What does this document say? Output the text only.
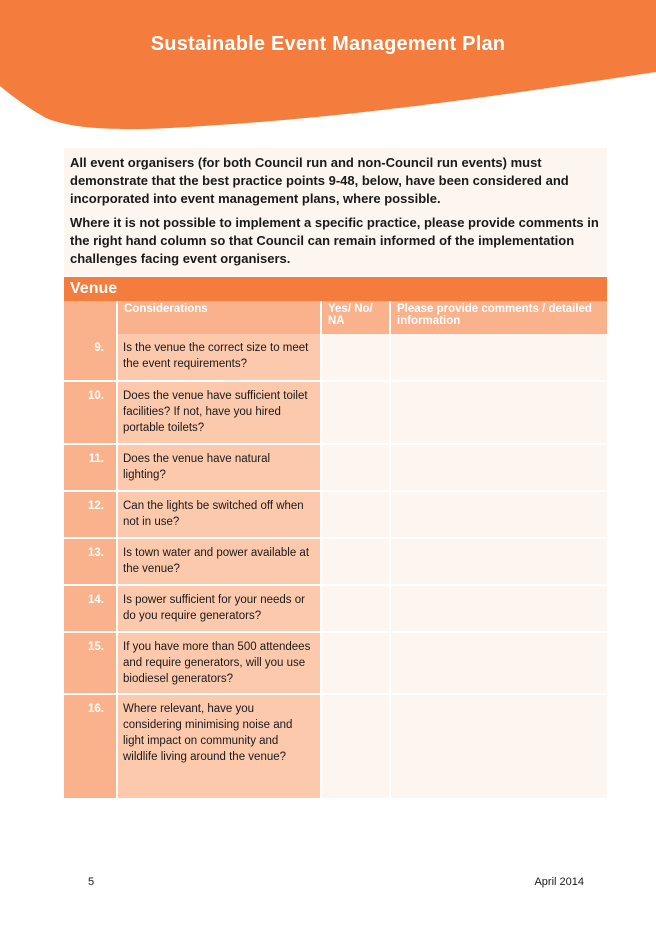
Sustainable Event Management Plan

All event organisers (for both Council run and non-Council run events) must demonstrate that the best practice points 9-48, below, have been considered and incorporated into event management plans, where possible.

Where it is not possible to implement a specific practice, please provide comments in the right hand column so that Council can remain informed of the implementation challenges facing event organisers.

Venue
	Considerations	Yes/ No/ NA	Please provide comments / detailed information
9.	Is the venue the correct size to meet the event requirements?		
10.	Does the venue have sufficient toilet facilities? If not, have you hired portable toilets?		
11.	Does the venue have natural lighting?		
12.	Can the lights be switched off when not in use?		
13.	Is town water and power available at the venue?		
14.	Is power sufficient for your needs or do you require generators?		
15.	If you have more than 500 attendees and require generators, will you use biodiesel generators?		
16.	Where relevant, have you considering minimising noise and light impact on community and wildlife living around the venue?		
5	April 2014
